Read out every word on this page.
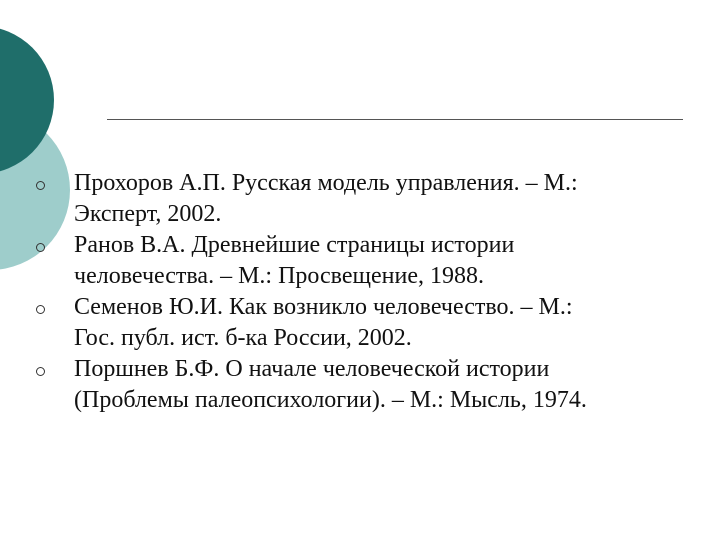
Прохоров А.П. Русская модель управления. – М.:
Эксперт, 2002.
Ранов В.А. Древнейшие страницы истории
человечества. – М.: Просвещение, 1988.
Семенов Ю.И. Как возникло человечество. – М.:
Гос. публ. ист. б-ка России, 2002.
Поршнев Б.Ф. О начале человеческой истории
(Проблемы палеопсихологии). – М.: Мысль, 1974.
